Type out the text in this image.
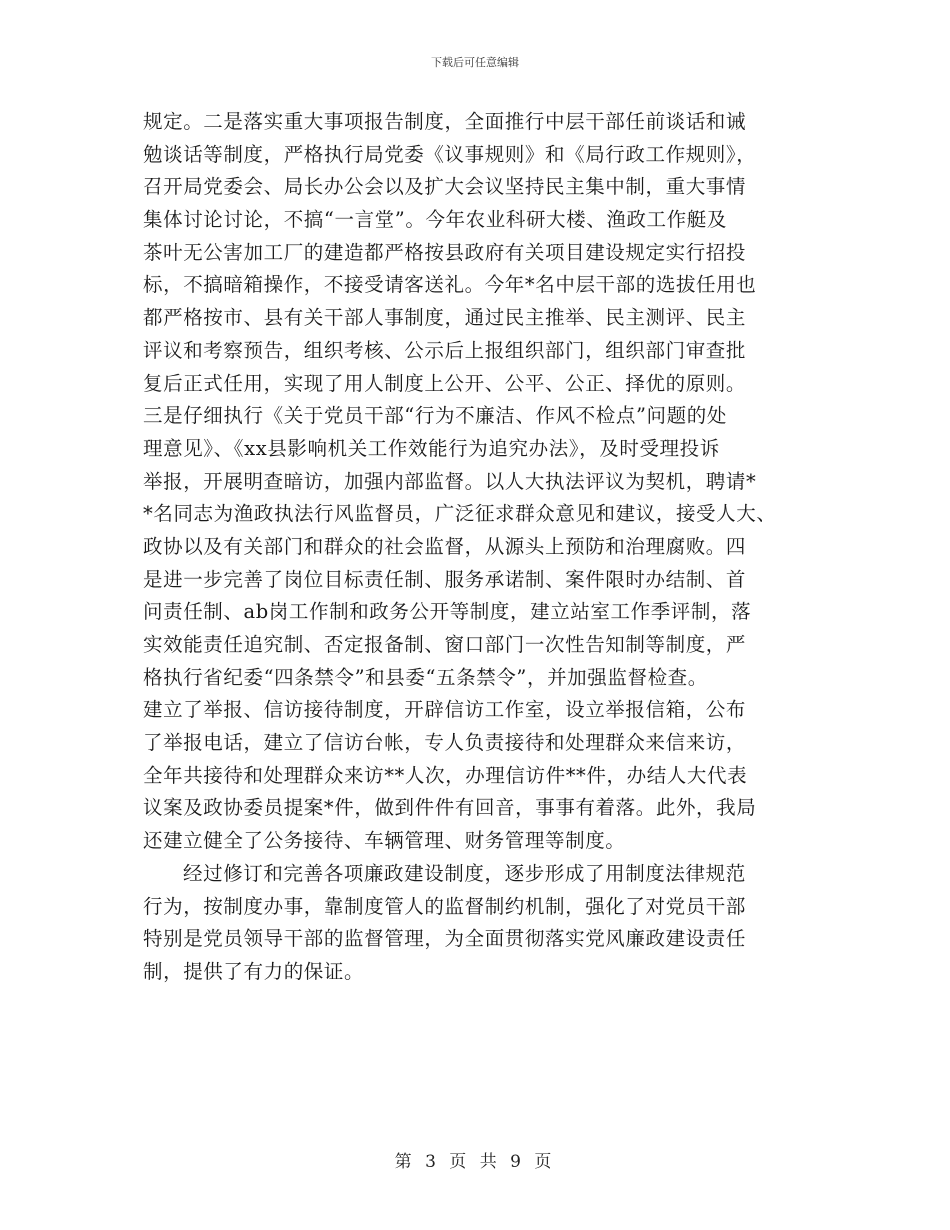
下载后可任意编辑
规定。二是落实重大事项报告制度，全面推行中层干部任前谈话和诫
勉谈话等制度，严格执行局党委《议事规则》和《局行政工作规则》，
召开局党委会、局长办公会以及扩大会议坚持民主集中制，重大事情
集体讨论讨论，不搞“一言堂”。今年农业科研大楼、渔政工作艇及
茶叶无公害加工厂的建造都严格按县政府有关项目建设规定实行招投
标，不搞暗箱操作，不接受请客送礼。今年*名中层干部的选拔任用也
都严格按市、县有关干部人事制度，通过民主推举、民主测评、民主
评议和考察预告，组织考核、公示后上报组织部门，组织部门审查批
复后正式任用，实现了用人制度上公开、公平、公正、择优的原则。
三是仔细执行《关于党员干部“行为不廉洁、作风不检点”问题的处
理意见》、《xx县影响机关工作效能行为追究办法》，及时受理投诉
举报，开展明查暗访，加强内部监督。以人大执法评议为契机，聘请*
*名同志为渔政执法行风监督员，广泛征求群众意见和建议，接受人大、
政协以及有关部门和群众的社会监督，从源头上预防和治理腐败。四
是进一步完善了岗位目标责任制、服务承诺制、案件限时办结制、首
问责任制、ab岗工作制和政务公开等制度，建立站室工作季评制，落
实效能责任追究制、否定报备制、窗口部门一次性告知制等制度，严
格执行省纪委“四条禁令”和县委“五条禁令”，并加强监督检查。
建立了举报、信访接待制度，开辟信访工作室，设立举报信箱，公布
了举报电话，建立了信访台帐，专人负责接待和处理群众来信来访，
全年共接待和处理群众来访**人次，办理信访件**件，办结人大代表
议案及政协委员提案*件，做到件件有回音，事事有着落。此外，我局
还建立健全了公务接待、车辆管理、财务管理等制度。
经过修订和完善各项廉政建设制度，逐步形成了用制度法律规范
行为，按制度办事，靠制度管人的监督制约机制，强化了对党员干部
特别是党员领导干部的监督管理，为全面贯彻落实党风廉政建设责任
制，提供了有力的保证。
第 3 页 共 9 页
